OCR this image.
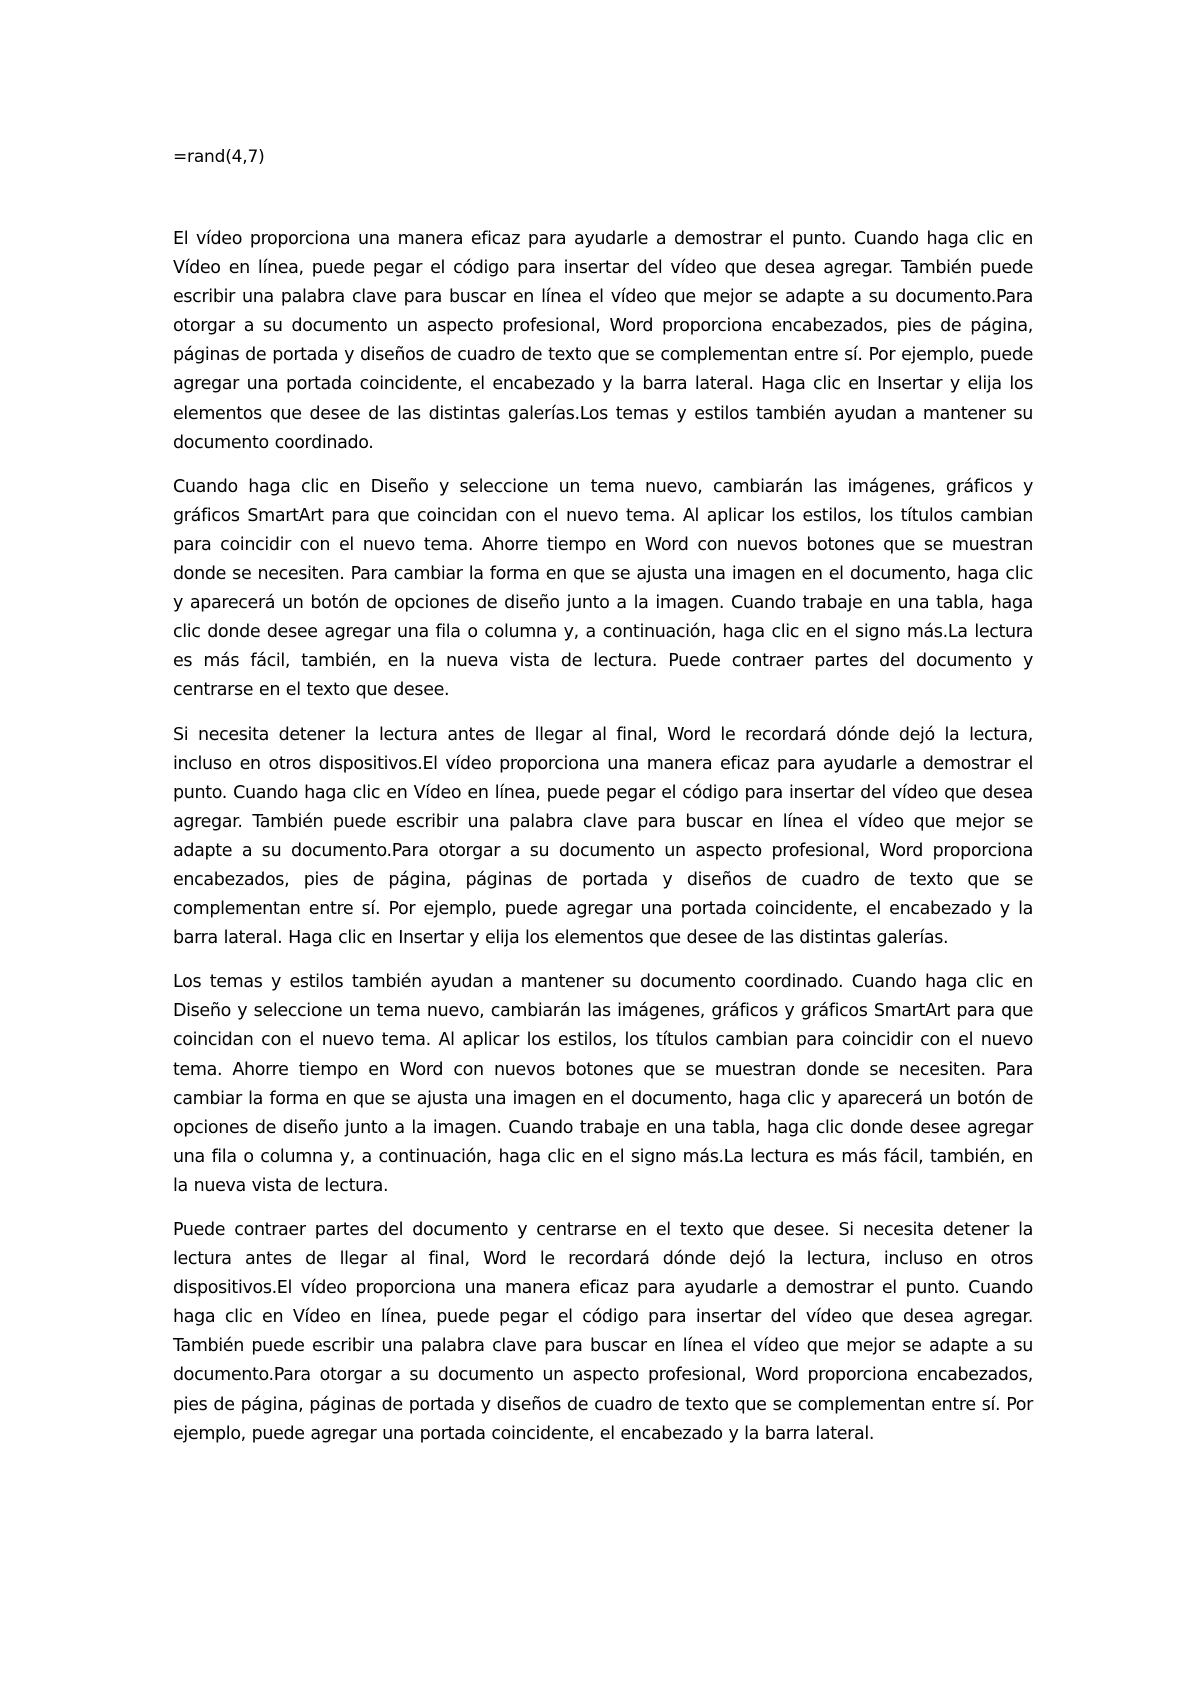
=rand(4,7)

El vídeo proporciona una manera eficaz para ayudarle a demostrar el punto. Cuando haga clic en Vídeo en línea, puede pegar el código para insertar del vídeo que desea agregar. También puede escribir una palabra clave para buscar en línea el vídeo que mejor se adapte a su documento.Para otorgar a su documento un aspecto profesional, Word proporciona encabezados, pies de página, páginas de portada y diseños de cuadro de texto que se complementan entre sí. Por ejemplo, puede agregar una portada coincidente, el encabezado y la barra lateral. Haga clic en Insertar y elija los elementos que desee de las distintas galerías.Los temas y estilos también ayudan a mantener su documento coordinado.

Cuando haga clic en Diseño y seleccione un tema nuevo, cambiarán las imágenes, gráficos y gráficos SmartArt para que coincidan con el nuevo tema. Al aplicar los estilos, los títulos cambian para coincidir con el nuevo tema. Ahorre tiempo en Word con nuevos botones que se muestran donde se necesiten. Para cambiar la forma en que se ajusta una imagen en el documento, haga clic y aparecerá un botón de opciones de diseño junto a la imagen. Cuando trabaje en una tabla, haga clic donde desee agregar una fila o columna y, a continuación, haga clic en el signo más.La lectura es más fácil, también, en la nueva vista de lectura. Puede contraer partes del documento y centrarse en el texto que desee.

Si necesita detener la lectura antes de llegar al final, Word le recordará dónde dejó la lectura, incluso en otros dispositivos.El vídeo proporciona una manera eficaz para ayudarle a demostrar el punto. Cuando haga clic en Vídeo en línea, puede pegar el código para insertar del vídeo que desea agregar. También puede escribir una palabra clave para buscar en línea el vídeo que mejor se adapte a su documento.Para otorgar a su documento un aspecto profesional, Word proporciona encabezados, pies de página, páginas de portada y diseños de cuadro de texto que se complementan entre sí. Por ejemplo, puede agregar una portada coincidente, el encabezado y la barra lateral. Haga clic en Insertar y elija los elementos que desee de las distintas galerías.

Los temas y estilos también ayudan a mantener su documento coordinado. Cuando haga clic en Diseño y seleccione un tema nuevo, cambiarán las imágenes, gráficos y gráficos SmartArt para que coincidan con el nuevo tema. Al aplicar los estilos, los títulos cambian para coincidir con el nuevo tema. Ahorre tiempo en Word con nuevos botones que se muestran donde se necesiten. Para cambiar la forma en que se ajusta una imagen en el documento, haga clic y aparecerá un botón de opciones de diseño junto a la imagen. Cuando trabaje en una tabla, haga clic donde desee agregar una fila o columna y, a continuación, haga clic en el signo más.La lectura es más fácil, también, en la nueva vista de lectura.

Puede contraer partes del documento y centrarse en el texto que desee. Si necesita detener la lectura antes de llegar al final, Word le recordará dónde dejó la lectura, incluso en otros dispositivos.El vídeo proporciona una manera eficaz para ayudarle a demostrar el punto. Cuando haga clic en Vídeo en línea, puede pegar el código para insertar del vídeo que desea agregar. También puede escribir una palabra clave para buscar en línea el vídeo que mejor se adapte a su documento.Para otorgar a su documento un aspecto profesional, Word proporciona encabezados, pies de página, páginas de portada y diseños de cuadro de texto que se complementan entre sí. Por ejemplo, puede agregar una portada coincidente, el encabezado y la barra lateral.
